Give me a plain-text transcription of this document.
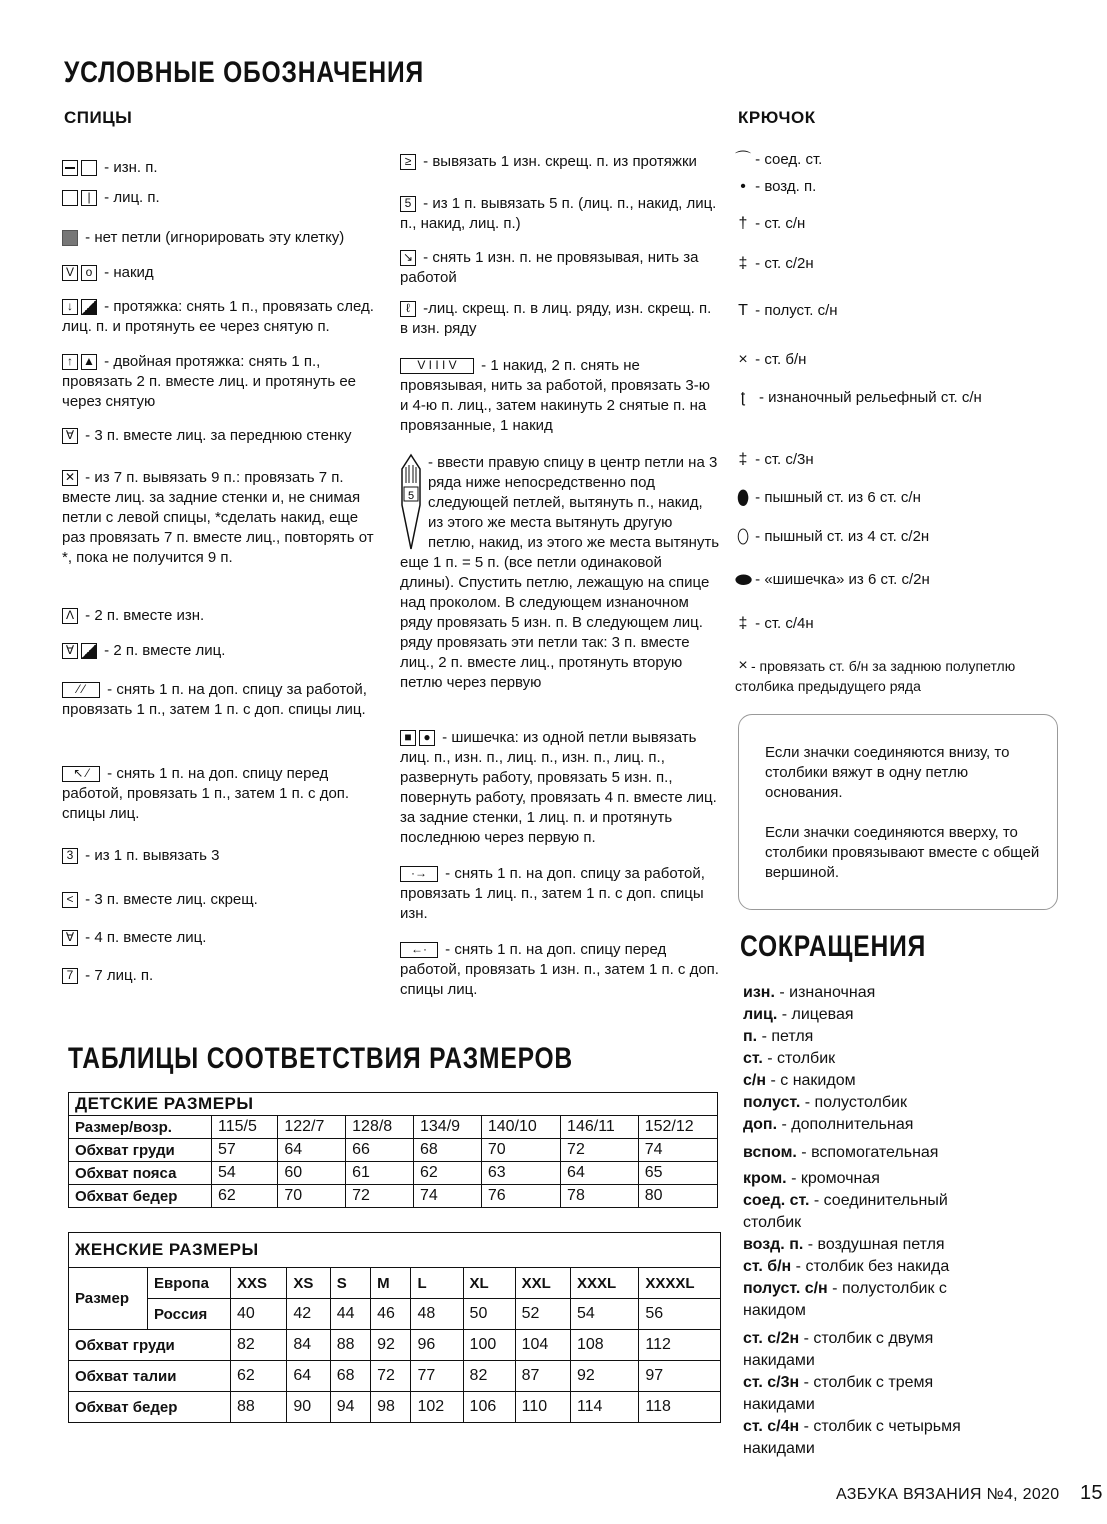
УСЛОВНЫЕ ОБОЗНАЧЕНИЯ
СПИЦЫ
- изн. п.
| - лиц. п.
- нет петли (игнорировать эту клетку)
V o - накид
↓ - протяжка: снять 1 п., провязать след. лиц. п. и протянуть ее через снятую п.
↑ ▲ - двойная протяжка: снять 1 п., провязать 2 п. вместе лиц. и протянуть ее через снятую
∀ - 3 п. вместе лиц. за переднюю стенку
✕ - из 7 п. вывязать 9 п.: провязать 7 п. вместе лиц. за задние стенки и, не снимая петли с левой спицы, *сделать накид, еще раз провязать 7 п. вместе лиц., повторять от *, пока не получится 9 п.
Λ - 2 п. вместе изн.
∀ - 2 п. вместе лиц.
⁄ ⁄	- снять 1 п. на доп. спицу за работой, провязать 1 п., затем 1 п. с доп. спицы лиц.
↖ ⁄	- снять 1 п. на доп. спицу перед работой, провязать 1 п., затем 1 п. с доп. спицы лиц.
3 - из 1 п. вывязать 3
< - 3 п. вместе лиц. скрещ.
∀ - 4 п. вместе лиц.
7 - 7 лиц. п.
≥ - вывязать 1 изн. скрещ. п. из протяжки
5 - из 1 п. вывязать 5 п. (лиц. п., накид, лиц. п., накид, лиц. п.)
↘ - снять 1 изн. п. не провязывая, нить за работой
ℓ -лиц. скрещ. п. в лиц. ряду, изн. скрещ. п. в изн. ряду
V I I I V	- 1 накид, 2 п. снять не провязывая, нить за работой, провязать 3-ю и 4-ю п. лиц., затем накинуть 2 снятые п. на провязанные, 1 накид
5
- ввести правую спицу в центр петли на 3 ряда ниже непосредственно под следующей петлей, вытянуть п., накид, из этого же места вытянуть другую петлю, накид, из этого же места вытянуть еще 1 п. = 5 п. (все петли одинаковой длины). Спустить петлю, лежащую на спице над проколом. В следующем изнаночном ряду провязать 5 изн. п. В следующем лиц. ряду провязать эти петли так: 3 п. вместе лиц., 2 п. вместе лиц., протянуть вторую петлю через первую
■ ● - шишечка: из одной петли вывязать лиц. п., изн. п., лиц. п., изн. п., лиц. п., развернуть работу, провязать 5 изн. п., повернуть работу, провязать 4 п. вместе лиц. за задние стенки, 1 лиц. п. и протянуть последнюю через первую п.
·→	- снять 1 п. на доп. спицу за работой, провязать 1 лиц. п., затем 1 п. с доп. спицы изн.
←·	- снять 1 п. на доп. спицу перед работой, провязать 1 изн. п., затем 1 п. с доп. спицы лиц.
КРЮЧОК
⌒ - соед. ст.
• - возд. п.
† - ст. с/н
‡ - ст. с/2н
T - полуст. с/н
× - ст. б/н
ʈ - изнаночный рельефный ст. с/н
‡ - ст. с/3н
⬮ - пышный ст. из 6 ст. с/н
⬯ - пышный ст. из 4 ст. с/2н
⬬ - «шишечка» из 6 ст. с/2н
‡ - ст. с/4н
× - провязать ст. б/н за заднюю полупетлю столбика предыдущего ряда
Если значки соединяются внизу, то столбики вяжут в одну петлю основания.
Если значки соединяются вверху, то столбики провязывают вместе с общей вершиной.
СОКРАЩЕНИЯ
изн. - изнаночная
лиц. - лицевая
п. - петля
ст. - столбик
с/н - с накидом
полуст. - полустолбик
доп. - дополнительная
вспом. - вспомогательная
кром. - кромочная
соед. ст. - соединительный столбик
возд. п. - воздушная петля
ст. б/н - столбик без накида
полуст. с/н - полустолбик с накидом
ст. с/2н - столбик с двумя накидами
ст. с/3н - столбик с тремя накидами
ст. с/4н - столбик с четырьмя накидами
ТАБЛИЦЫ СООТВЕТСТВИЯ РАЗМЕРОВ
ДЕТСКИЕ РАЗМЕРЫ							
Размер/возр.	115/5	122/7	128/8	134/9	140/10	146/11	152/12
Обхват груди	57	64	66	68	70	72	74
Обхват пояса	54	60	61	62	63	64	65
Обхват бедер	62	70	72	74	76	78	80
ЖЕНСКИЕ РАЗМЕРЫ										
Размер	Европа	XXS	XS	S	M	L	XL	XXL	XXXL	XXXXL
	Россия	40	42	44	46	48	50	52	54	56
Обхват груди		82	84	88	92	96	100	104	108	112
Обхват талии		62	64	68	72	77	82	87	92	97
Обхват бедер		88	90	94	98	102	106	110	114	118
АЗБУКА ВЯЗАНИЯ №4, 2020 15
